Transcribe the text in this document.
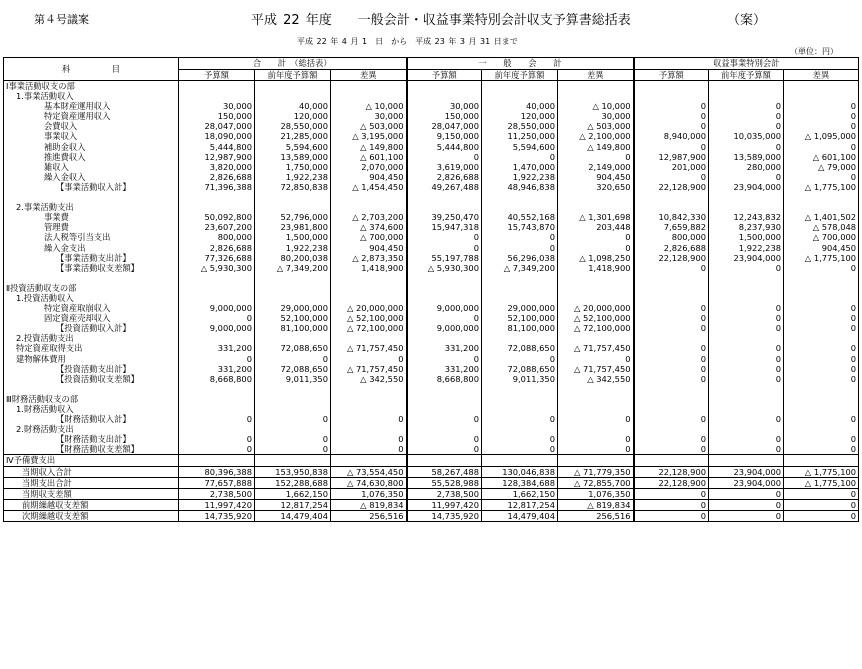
第４号議案	平成 22 年度　　一般会計・収益事業特別会計収支予算書総括表	（案）
平成 22 年 4 月 1　日　から　平成 23 年 3 月 31 日まで
（単位：円）
科　　　　　目	合　　計　（総括表）			一　　般　　会　　計			収益事業特別会計		
	予算額	前年度予算額	差異	予算額	前年度予算額	差異	予算額	前年度予算額	差異
Ⅰ事業活動収支の部									
1.事業活動収入									
基本財産運用収入	30,000	40,000	△ 10,000	30,000	40,000	△ 10,000	0	0	0
特定資産運用収入	150,000	120,000	30,000	150,000	120,000	30,000	0	0	0
会費収入	28,047,000	28,550,000	△ 503,000	28,047,000	28,550,000	△ 503,000	0	0	0
事業収入	18,090,000	21,285,000	△ 3,195,000	9,150,000	11,250,000	△ 2,100,000	8,940,000	10,035,000	△ 1,095,000
補助金収入	5,444,800	5,594,600	△ 149,800	5,444,800	5,594,600	△ 149,800	0	0	0
推進費収入	12,987,900	13,589,000	△ 601,100	0	0	0	12,987,900	13,589,000	△ 601,100
雑収入	3,820,000	1,750,000	2,070,000	3,619,000	1,470,000	2,149,000	201,000	280,000	△ 79,000
繰入金収入	2,826,688	1,922,238	904,450	2,826,688	1,922,238	904,450	0	0	0
【事業活動収入計】	71,396,388	72,850,838	△ 1,454,450	49,267,488	48,946,838	320,650	22,128,900	23,904,000	△ 1,775,100

2.事業活動支出									
事業費	50,092,800	52,796,000	△ 2,703,200	39,250,470	40,552,168	△ 1,301,698	10,842,330	12,243,832	△ 1,401,502
管理費	23,607,200	23,981,800	△ 374,600	15,947,318	15,743,870	203,448	7,659,882	8,237,930	△ 578,048
法人税等引当支出	800,000	1,500,000	△ 700,000	0	0	0	800,000	1,500,000	△ 700,000
繰入金支出	2,826,688	1,922,238	904,450	0	0	0	2,826,688	1,922,238	904,450
【事業活動支出計】	77,326,688	80,200,038	△ 2,873,350	55,197,788	56,296,038	△ 1,098,250	22,128,900	23,904,000	△ 1,775,100
【事業活動収支差額】	△ 5,930,300	△ 7,349,200	1,418,900	△ 5,930,300	△ 7,349,200	1,418,900	0	0	0

Ⅱ投資活動収支の部									
1.投資活動収入									
特定資産取崩収入	9,000,000	29,000,000	△ 20,000,000	9,000,000	29,000,000	△ 20,000,000	0	0	0
固定資産売却収入	0	52,100,000	△ 52,100,000	0	52,100,000	△ 52,100,000	0	0	0
【投資活動収入計】	9,000,000	81,100,000	△ 72,100,000	9,000,000	81,100,000	△ 72,100,000	0	0	0
2.投資活動支出									
特定資産取得支出	331,200	72,088,650	△ 71,757,450	331,200	72,088,650	△ 71,757,450	0	0	0
建物解体費用	0	0	0	0	0	0	0	0	0
【投資活動支出計】	331,200	72,088,650	△ 71,757,450	331,200	72,088,650	△ 71,757,450	0	0	0
【投資活動収支差額】	8,668,800	9,011,350	△ 342,550	8,668,800	9,011,350	△ 342,550	0	0	0

Ⅲ財務活動収支の部									
1.財務活動収入									
【財務活動収入計】	0	0	0	0	0	0	0	0	0
2.財務活動支出									
【財務活動支出計】	0	0	0	0	0	0	0	0	0
【財務活動収支差額】	0	0	0	0	0	0	0	0	0
Ⅳ予備費支出									
当期収入合計	80,396,388	153,950,838	△ 73,554,450	58,267,488	130,046,838	△ 71,779,350	22,128,900	23,904,000	△ 1,775,100
当期支出合計	77,657,888	152,288,688	△ 74,630,800	55,528,988	128,384,688	△ 72,855,700	22,128,900	23,904,000	△ 1,775,100
当期収支差額	2,738,500	1,662,150	1,076,350	2,738,500	1,662,150	1,076,350	0	0	0
前期繰越収支差額	11,997,420	12,817,254	△ 819,834	11,997,420	12,817,254	△ 819,834	0	0	0
次期繰越収支差額	14,735,920	14,479,404	256,516	14,735,920	14,479,404	256,516	0	0	0
